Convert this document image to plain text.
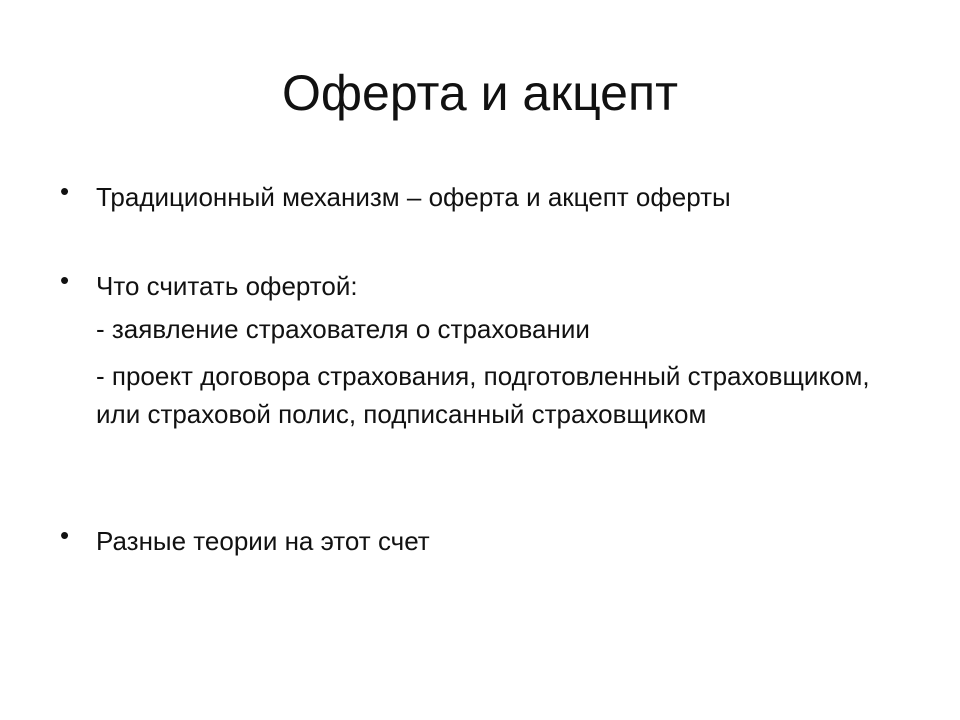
Оферта и акцепт
• Традиционный механизм – оферта и акцепт оферты
• Что считать офертой:
- заявление страхователя о страховании
- проект договора страхования, подготовленный страховщиком, или страховой полис, подписанный страховщиком
• Разные теории на этот счет
